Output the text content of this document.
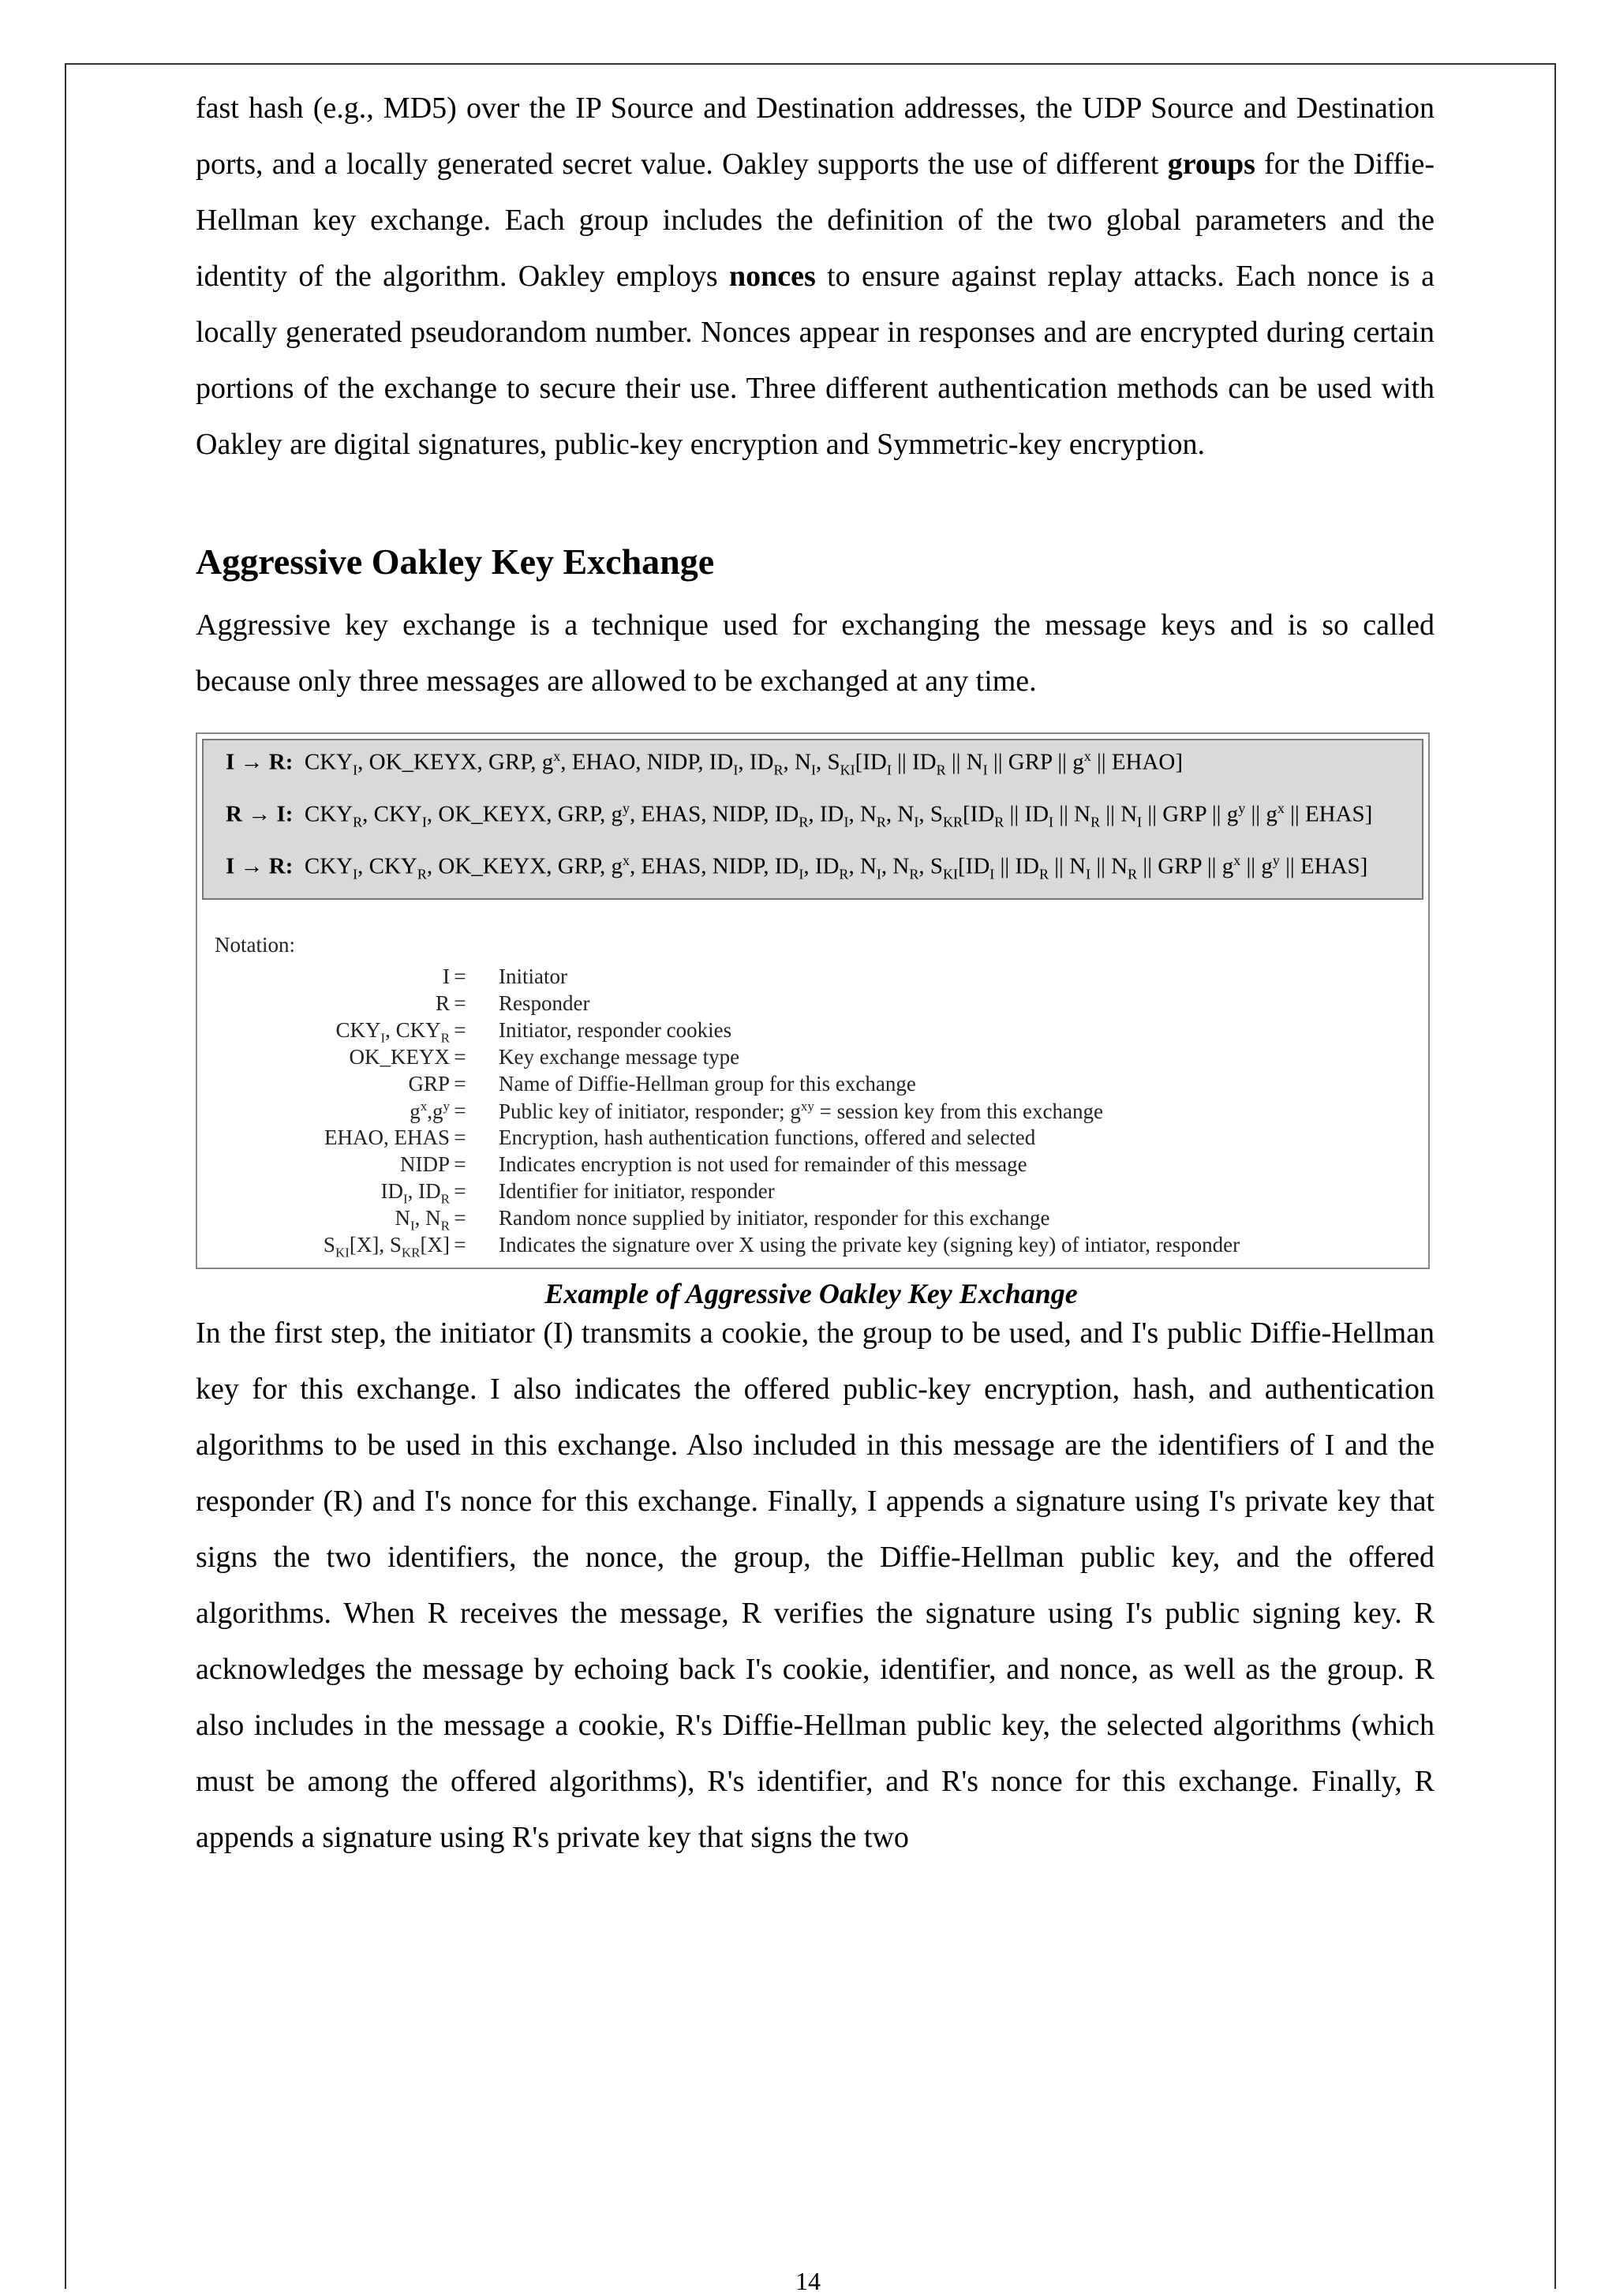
fast hash (e.g., MD5) over the IP Source and Destination addresses, the UDP Source and Destination ports, and a locally generated secret value. Oakley supports the use of different groups for the Diffie-Hellman key exchange. Each group includes the definition of the two global parameters and the identity of the algorithm. Oakley employs nonces to ensure against replay attacks. Each nonce is a locally generated pseudorandom number. Nonces appear in responses and are encrypted during certain portions of the exchange to secure their use. Three different authentication methods can be used with Oakley are digital signatures, public-key encryption and Symmetric-key encryption.

Aggressive Oakley Key Exchange

Aggressive key exchange is a technique used for exchanging the message keys and is so called because only three messages are allowed to be exchanged at any time.

I → R:  $CKY_I$, OK_KEYX, GRP, $g^x$, EHAO, NIDP, $ID_I$, $ID_R$, $N_I$, $S_{KI}[ID_I$ || $ID_R$ || $N_I$ || GRP || $g^x$ || EHAO]
R → I:  $CKY_R$, $CKY_I$, OK_KEYX, GRP, $g^y$, EHAS, NIDP, $ID_R$, $ID_I$, $N_R$, $N_I$, $S_{KR}[ID_R$ || $ID_I$ || $N_R$ || $N_I$ || GRP || $g^y$ || $g^x$ || EHAS]
I → R:  $CKY_I$, $CKY_R$, OK_KEYX, GRP, $g^x$, EHAS, NIDP, $ID_I$, $ID_R$, $N_I$, $N_R$, $S_{KI}[ID_I$ || $ID_R$ || $N_I$ || $N_R$ || GRP || $g^x$ || $g^y$ || EHAS]
Notation:
I = Initiator
R = Responder
$CKY_I$, $CKY_R$ = Initiator, responder cookies
OK_KEYX = Key exchange message type
GRP = Name of Diffie-Hellman group for this exchange
$g^x,g^y$ = Public key of initiator, responder; $g^{xy}$ = session key from this exchange
EHAO, EHAS = Encryption, hash authentication functions, offered and selected
NIDP = Indicates encryption is not used for remainder of this message
$ID_I$, $ID_R$ = Identifier for initiator, responder
$N_I$, $N_R$ = Random nonce supplied by initiator, responder for this exchange
$S_{KI}[X]$, $S_{KR}[X]$ = Indicates the signature over X using the private key (signing key) of intiator, responder

Example of Aggressive Oakley Key Exchange

In the first step, the initiator (I) transmits a cookie, the group to be used, and I's public Diffie-Hellman key for this exchange. I also indicates the offered public-key encryption, hash, and authentication algorithms to be used in this exchange. Also included in this message are the identifiers of I and the responder (R) and I's nonce for this exchange. Finally, I appends a signature using I's private key that signs the two identifiers, the nonce, the group, the Diffie-Hellman public key, and the offered algorithms. When R receives the message, R verifies the signature using I's public signing key. R acknowledges the message by echoing back I's cookie, identifier, and nonce, as well as the group. R also includes in the message a cookie, R's Diffie-Hellman public key, the selected algorithms (which must be among the offered algorithms), R's identifier, and R's nonce for this exchange. Finally, R appends a signature using R's private key that signs the two

14
